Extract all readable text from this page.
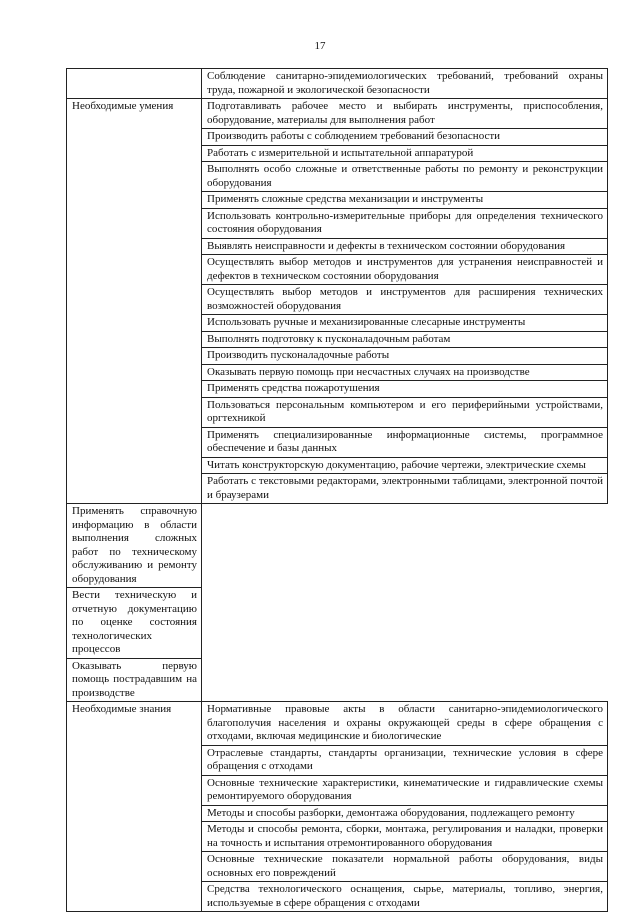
17
	Соблюдение санитарно-эпидемиологических требований, требований охраны труда, пожарной и экологической безопасности
Необходимые умения	Подготавливать рабочее место и выбирать инструменты, приспособления, оборудование, материалы для выполнения работ
	Производить работы с соблюдением требований безопасности
	Работать с измерительной и испытательной аппаратурой
	Выполнять особо сложные и ответственные работы по ремонту и реконструкции оборудования
	Применять сложные средства механизации и инструменты
	Использовать контрольно-измерительные приборы для определения технического состояния оборудования
	Выявлять неисправности и дефекты в техническом состоянии оборудования
	Осуществлять выбор методов и инструментов для устранения неисправностей и дефектов в техническом состоянии оборудования
	Осуществлять выбор методов и инструментов для расширения технических возможностей оборудования
	Использовать ручные и механизированные слесарные инструменты
	Выполнять подготовку к пусконаладочным работам
	Производить пусконаладочные работы
	Оказывать первую помощь при несчастных случаях на производстве
	Применять средства пожаротушения
	Пользоваться персональным компьютером и его периферийными устройствами, оргтехникой
	Применять специализированные информационные системы, программное обеспечение и базы данных
	Читать конструкторскую документацию, рабочие чертежи, электрические схемы
	Работать с текстовыми редакторами, электронными таблицами, электронной почтой и браузерами
Применять справочную информацию в области выполнения сложных работ по техническому обслуживанию и ремонту оборудования	
Вести техническую и отчетную документацию по оценке состояния технологических процессов	
Оказывать первую помощь пострадавшим на производстве	
Необходимые знания	Нормативные правовые акты в области санитарно-эпидемиологического благополучия населения и охраны окружающей среды в сфере обращения с отходами, включая медицинские и биологические
	Отраслевые стандарты, стандарты организации, технические условия в сфере обращения с отходами
	Основные технические характеристики, кинематические и гидравлические схемы ремонтируемого оборудования
	Методы и способы разборки, демонтажа оборудования, подлежащего ремонту
	Методы и способы ремонта, сборки, монтажа, регулирования и наладки, проверки на точность и испытания отремонтированного оборудования
	Основные технические показатели нормальной работы оборудования, виды основных его повреждений
	Средства технологического оснащения, сырье, материалы, топливо, энергия, используемые в сфере обращения с отходами
